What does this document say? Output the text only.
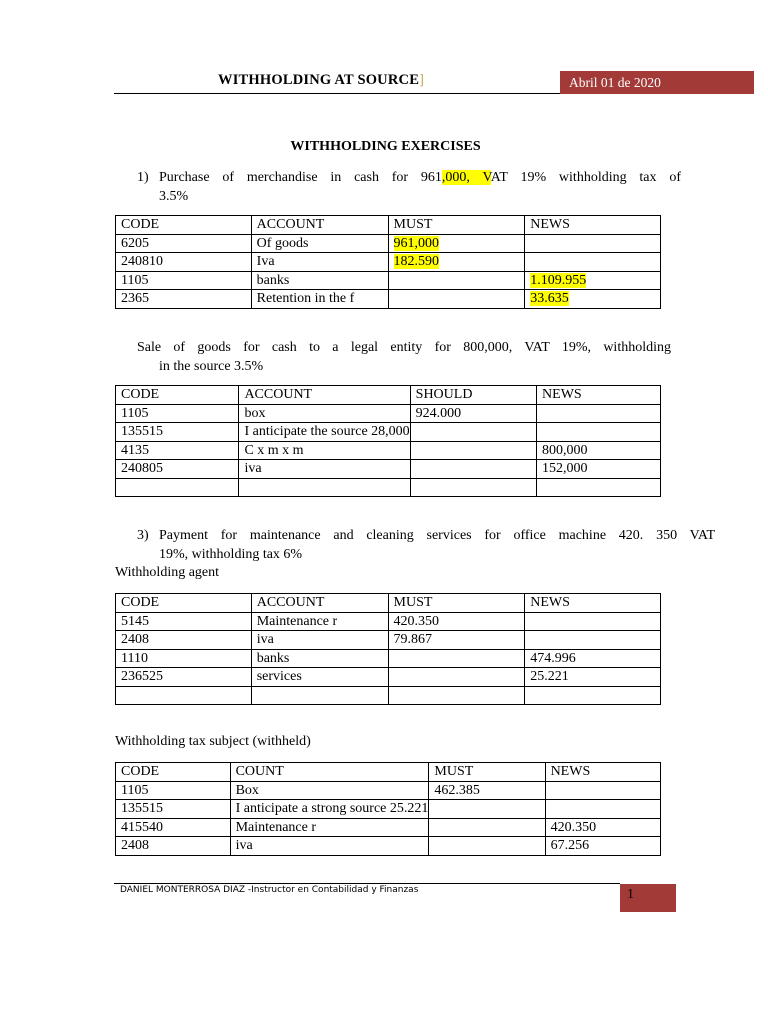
WITHHOLDING AT SOURCE]	Abril 01 de 2020
WITHHOLDING EXERCISES
1) Purchase of merchandise in cash for 961,000, VAT 19% withholding tax of
3.5%
CODE	ACCOUNT	MUST	NEWS
6205	Of goods	961,000	
240810	Iva	182.590	
1105	banks		1.109.955
2365	Retention in the f		33.635
Sale of goods for cash to a legal entity for 800,000, VAT 19%, withholding
in the source 3.5%
CODE	ACCOUNT	SHOULD	NEWS
1105	box	924.000	
135515	I anticipate the source 28,000		
4135	C x m x m		800,000
240805	iva		152,000

3) Payment for maintenance and cleaning services for office machine 420. 350 VAT
19%, withholding tax 6%
Withholding agent
CODE	ACCOUNT	MUST	NEWS
5145	Maintenance r	420.350	
2408	iva	79.867	
1110	banks		474.996
236525	services		25.221

Withholding tax subject (withheld)
CODE	COUNT	MUST	NEWS
1105	Box	462.385	
135515	I anticipate a strong source 25.221		
415540	Maintenance r		420.350
2408	iva		67.256
DANIEL MONTERROSA DIAZ -Instructor en Contabilidad y Finanzas	1
